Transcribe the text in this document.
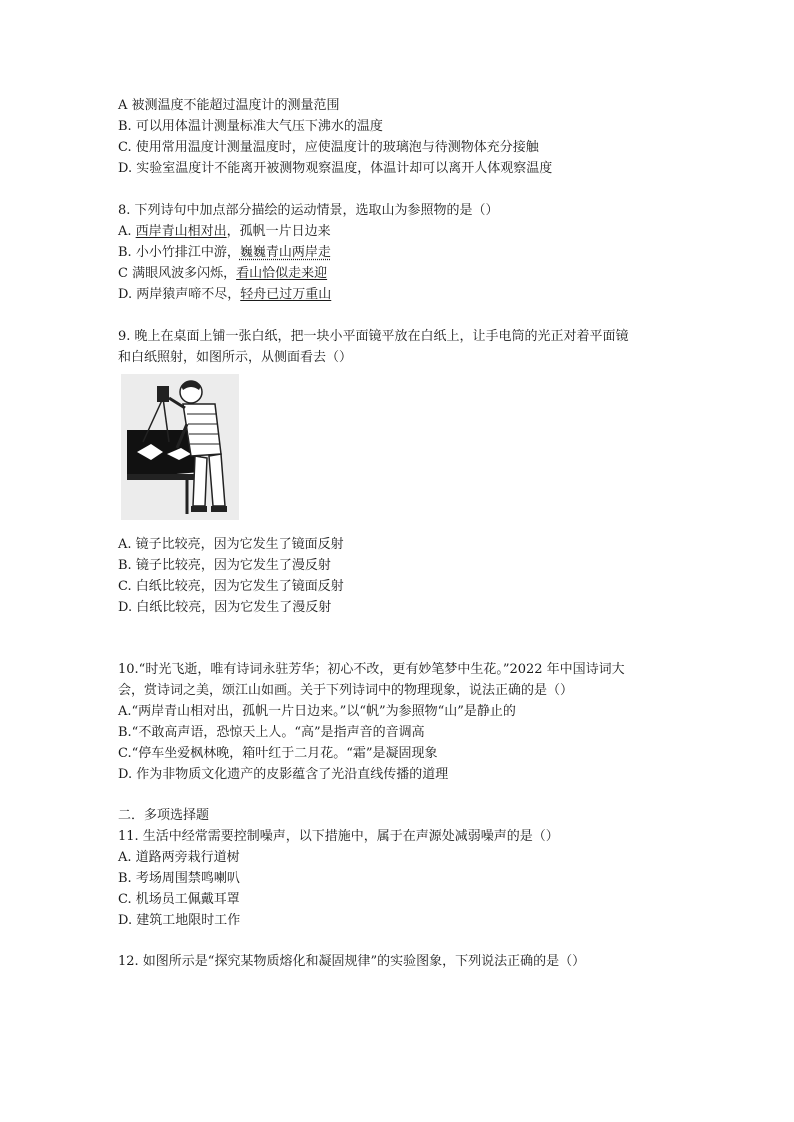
A 被测温度不能超过温度计的测量范围
B. 可以用体温计测量标准大气压下沸水的温度
C. 使用常用温度计测量温度时，应使温度计的玻璃泡与待测物体充分接触
D. 实验室温度计不能离开被测物观察温度，体温计却可以离开人体观察温度
8. 下列诗句中加点部分描绘的运动情景，选取山为参照物的是（）
A. 西岸青山相对出，孤帆一片日边来
B. 小小竹排江中游，巍巍青山两岸走
C 满眼风波多闪烁，看山恰似走来迎
D. 两岸猿声啼不尽，轻舟已过万重山
9. 晚上在桌面上铺一张白纸，把一块小平面镜平放在白纸上，让手电筒的光正对着平面镜
和白纸照射，如图所示，从侧面看去（）
A. 镜子比较亮，因为它发生了镜面反射
B. 镜子比较亮，因为它发生了漫反射
C. 白纸比较亮，因为它发生了镜面反射
D. 白纸比较亮，因为它发生了漫反射
10.“时光飞逝，唯有诗词永驻芳华；初心不改，更有妙笔梦中生花。”2022 年中国诗词大
会，赏诗词之美，颂江山如画。关于下列诗词中的物理现象，说法正确的是（）
A.“两岸青山相对出，孤帆一片日边来。”以“帆”为参照物“山”是静止的
B.“不敢高声语，恐惊天上人。“高”是指声音的音调高
C.“停车坐爱枫林晚，箱叶红于二月花。“霜”是凝固现象
D. 作为非物质文化遗产的皮影蕴含了光沿直线传播的道理
二．多项选择题
11. 生活中经常需要控制噪声，以下措施中，属于在声源处减弱噪声的是（）
A. 道路两旁栽行道树
B. 考场周围禁鸣喇叭
C. 机场员工佩戴耳罩
D. 建筑工地限时工作
12. 如图所示是“探究某物质熔化和凝固规律”的实验图象，下列说法正确的是（）
